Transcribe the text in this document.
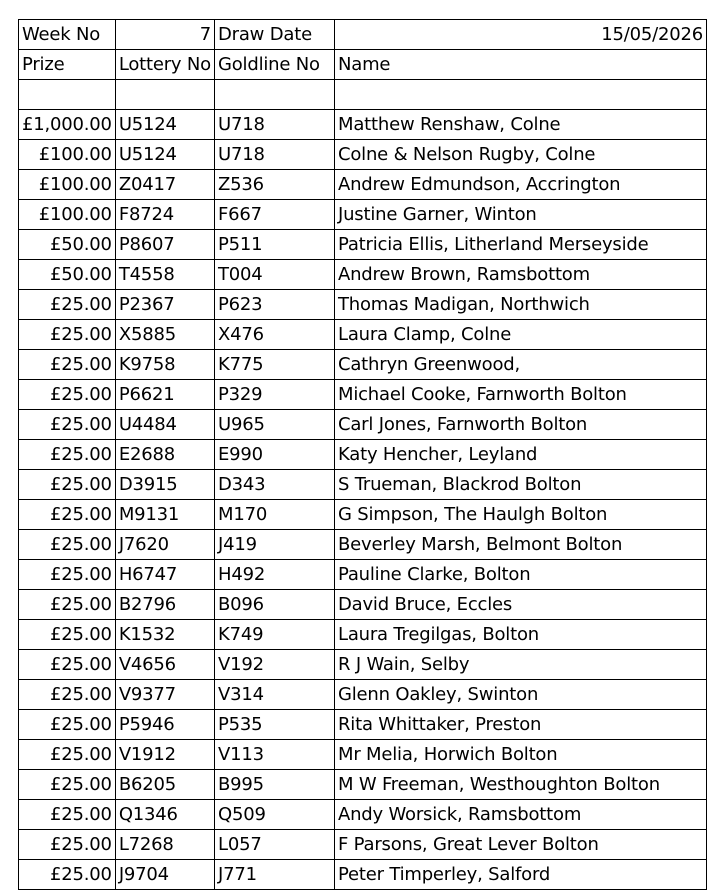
Week No	7	Draw Date	15/05/2026
Prize	Lottery No	Goldline No	Name

£1,000.00	U5124	U718	Matthew Renshaw, Colne
£100.00	U5124	U718	Colne & Nelson Rugby, Colne
£100.00	Z0417	Z536	Andrew Edmundson, Accrington
£100.00	F8724	F667	Justine Garner, Winton
£50.00	P8607	P511	Patricia Ellis, Litherland Merseyside
£50.00	T4558	T004	Andrew Brown, Ramsbottom
£25.00	P2367	P623	Thomas Madigan, Northwich
£25.00	X5885	X476	Laura Clamp, Colne
£25.00	K9758	K775	Cathryn Greenwood,
£25.00	P6621	P329	Michael Cooke, Farnworth Bolton
£25.00	U4484	U965	Carl Jones, Farnworth Bolton
£25.00	E2688	E990	Katy Hencher, Leyland
£25.00	D3915	D343	S Trueman, Blackrod Bolton
£25.00	M9131	M170	G Simpson, The Haulgh Bolton
£25.00	J7620	J419	Beverley Marsh, Belmont Bolton
£25.00	H6747	H492	Pauline Clarke, Bolton
£25.00	B2796	B096	David Bruce, Eccles
£25.00	K1532	K749	Laura Tregilgas, Bolton
£25.00	V4656	V192	R J Wain, Selby
£25.00	V9377	V314	Glenn Oakley, Swinton
£25.00	P5946	P535	Rita Whittaker, Preston
£25.00	V1912	V113	Mr Melia, Horwich Bolton
£25.00	B6205	B995	M W Freeman, Westhoughton Bolton
£25.00	Q1346	Q509	Andy Worsick, Ramsbottom
£25.00	L7268	L057	F Parsons, Great Lever Bolton
£25.00	J9704	J771	Peter Timperley, Salford
